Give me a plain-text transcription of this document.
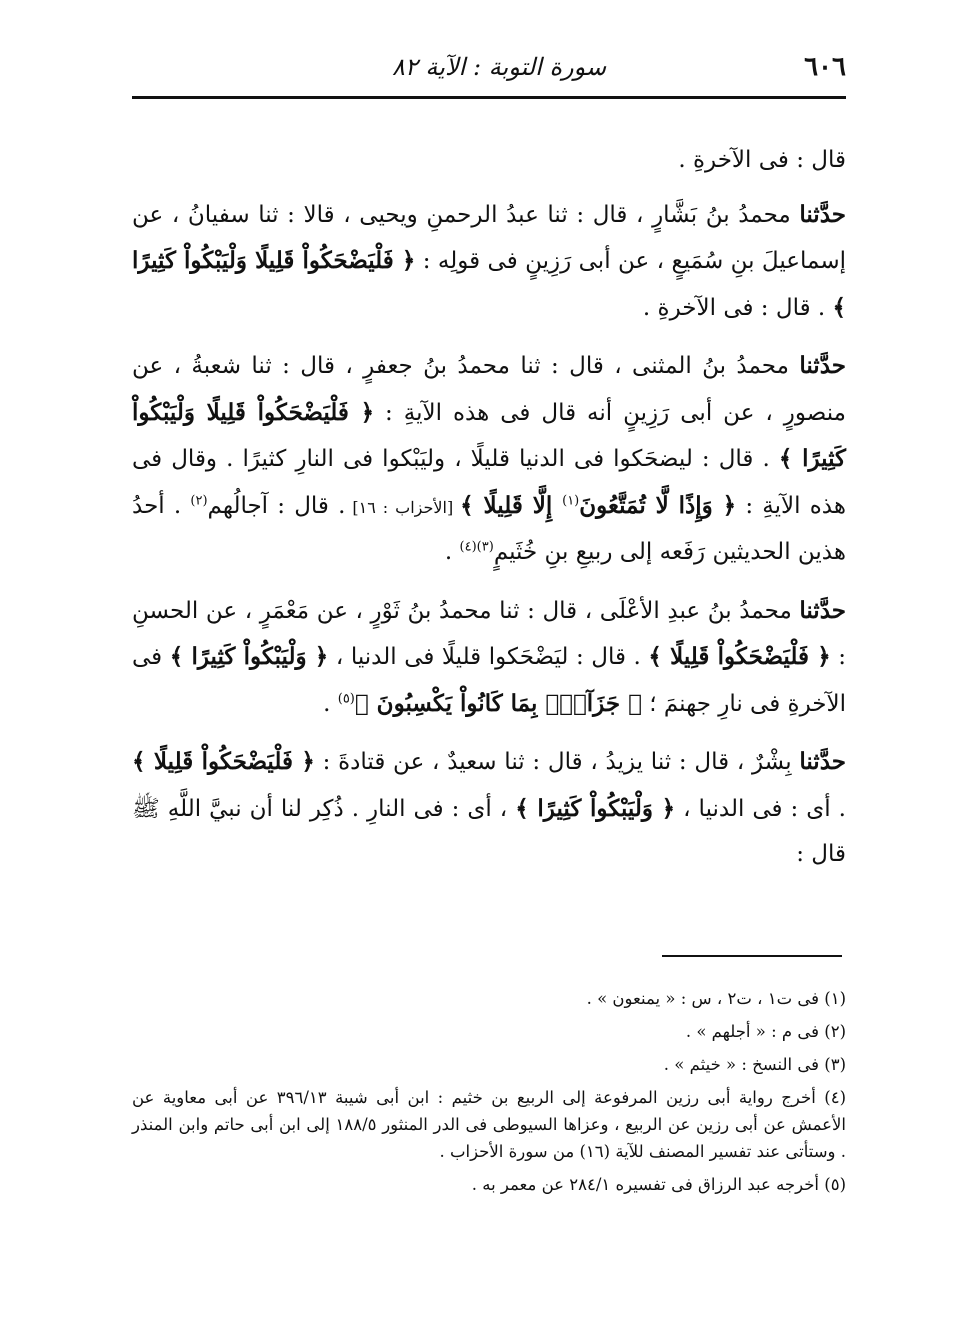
٦٠٦
سورة التوبة : الآية ٨٢

قال : فى الآخرةِ .

حدَّثنا محمدُ بنُ بَشَّارٍ ، قال : ثنا عبدُ الرحمنِ ويحيى ، قالا : ثنا سفيانُ ، عن إسماعيلَ بنِ سُمَيعٍ ، عن أبى رَزِينٍ فى قولِه : ﴿ فَلْيَضْحَكُواْ قَلِيلًا وَلْيَبْكُواْ كَثِيرًا ﴾ . قال : فى الآخرةِ .

حدَّثنا محمدُ بنُ المثنى ، قال : ثنا محمدُ بنُ جعفرٍ ، قال : ثنا شعبةُ ، عن منصورٍ ، عن أبى رَزِينٍ أنه قال فى هذه الآيةِ : ﴿ فَلْيَضْحَكُواْ قَلِيلًا وَلْيَبْكُواْ كَثِيرًا ﴾ . قال : ليضحَكوا فى الدنيا قليلًا ، وليَبْكوا فى النارِ كثيرًا . وقال فى هذه الآيةِ : ﴿ وَإِذًا لَّا تُمَتَّعُونَ$^{(١)}$ إِلَّا قَلِيلًا ﴾ [الأحزاب : ١٦] . قال : آجالُهم$^{(٢)}$ . أحدُ هذين الحديثين رَفَعه إلى ربيعِ بنِ خُثَيمٍ$^{(٣)(٤)}$ .

حدَّثنا محمدُ بنُ عبدِ الأعْلَى ، قال : ثنا محمدُ بنُ ثَوْرٍ ، عن مَعْمَرٍ ، عن الحسنِ : ﴿ فَلْيَضْحَكُواْ قَلِيلًا ﴾ . قال : ليَضْحَكوا قليلًا فى الدنيا ، ﴿ وَلْيَبْكُواْ كَثِيرًا ﴾ فى الآخرةِ فى نارِ جهنمَ ؛ ﴿ جَزَآءًۢ بِمَا كَانُواْ يَكْسِبُونَ ﴾$^{(٥)}$ .

حدَّثنا بِشْرٌ ، قال : ثنا يزيدُ ، قال : ثنا سعيدٌ ، عن قتادةَ : ﴿ فَلْيَضْحَكُواْ قَلِيلًا ﴾ . أى : فى الدنيا ، ﴿ وَلْيَبْكُواْ كَثِيرًا ﴾ ، أى : فى النارِ . ذُكِر لنا أن نبيَّ اللَّهِ ﷺ قال :

(١) فى ت١ ، ت٢ ، س : « يمنعون » .

(٢) فى م : « أجلهم » .

(٣) فى النسخ : « خيثم » .

(٤) أخرج رواية أبى رزين المرفوعة إلى الربيع بن خثيم : ابن أبى شيبة ٣٩٦/١٣ عن أبى معاوية عن الأعمش عن أبى رزين عن الربيع ، وعزاها السيوطى فى الدر المنثور ١٨٨/٥ إلى ابن أبى حاتم وابن المنذر . وستأتى عند تفسير المصنف للآية (١٦) من سورة الأحزاب .

(٥) أخرجه عبد الرزاق فى تفسيره ٢٨٤/١ عن معمر به .
